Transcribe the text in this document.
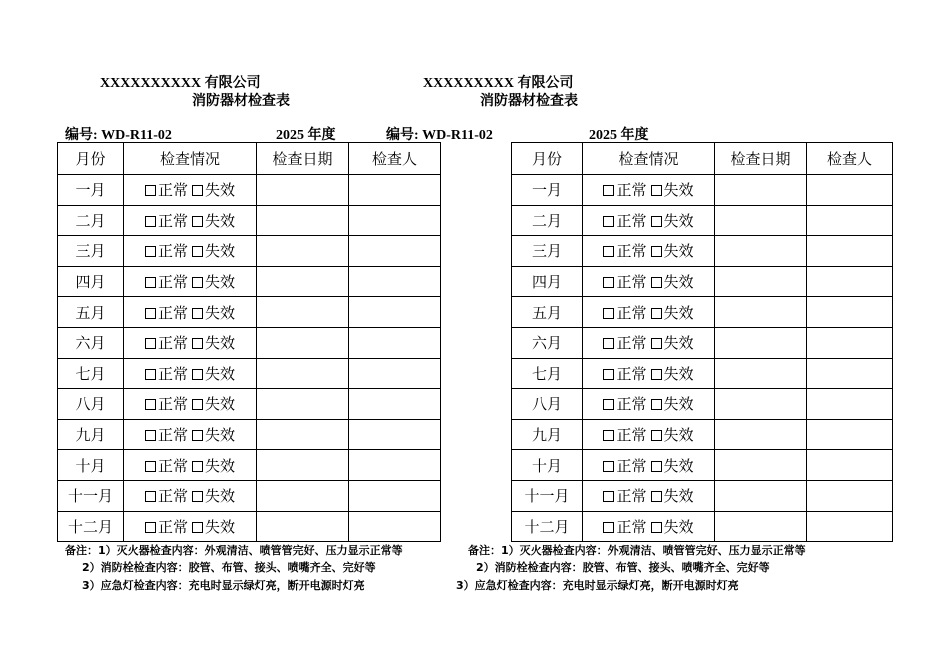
XXXXXXXXXX 有限公司
消防器材检查表
编号: WD-R11-02	2025 年度
XXXXXXXXX 有限公司
消防器材检查表
编号: WD-R11-02	2025 年度
月份	检查情况	检查日期	检查人
一月	正常 失效		
二月	正常 失效		
三月	正常 失效		
四月	正常 失效		
五月	正常 失效		
六月	正常 失效		
七月	正常 失效		
八月	正常 失效		
九月	正常 失效		
十月	正常 失效		
十一月	正常 失效		
十二月	正常 失效		
月份	检查情况	检查日期	检查人
一月	正常 失效		
二月	正常 失效		
三月	正常 失效		
四月	正常 失效		
五月	正常 失效		
六月	正常 失效		
七月	正常 失效		
八月	正常 失效		
九月	正常 失效		
十月	正常 失效		
十一月	正常 失效		
十二月	正常 失效		
备注：1）灭火器检查内容：外观清洁、喷管管完好、压力显示正常等
2）消防栓检查内容：胶管、布管、接头、喷嘴齐全、完好等
3）应急灯检查内容：充电时显示绿灯亮，断开电源时灯亮
备注：1）灭火器检查内容：外观清洁、喷管管完好、压力显示正常等
2）消防栓检查内容：胶管、布管、接头、喷嘴齐全、完好等
3）应急灯检查内容：充电时显示绿灯亮，断开电源时灯亮
